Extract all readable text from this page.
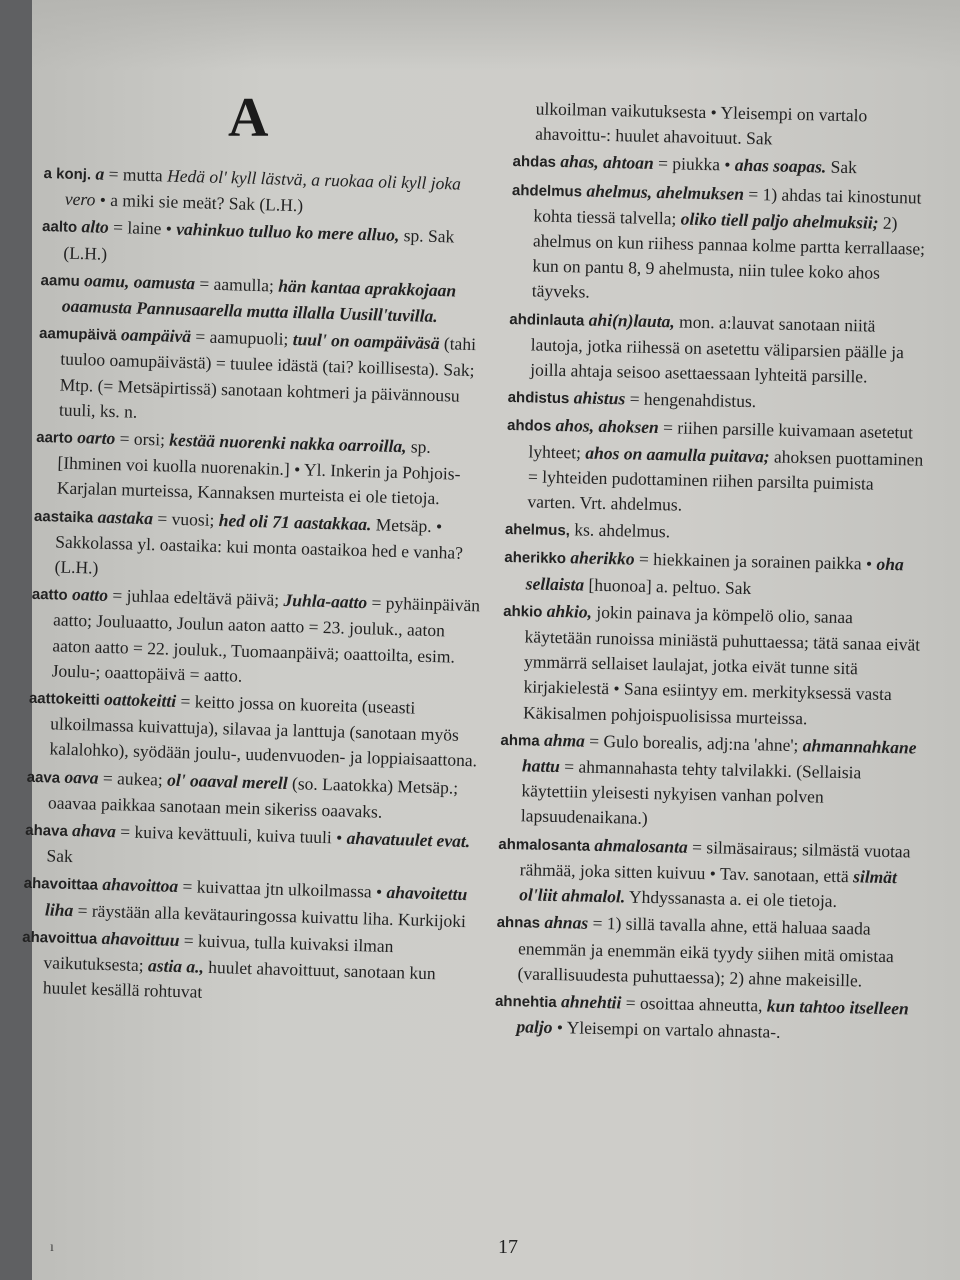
A
a konj. a = mutta Hedä ol' kyll lästvä, a ruokaa oli kyll joka vero • a miki sie meät? Sak (L.H.)
aalto alto = laine • vahinkuo tulluo ko mere alluo, sp. Sak (L.H.)
aamu oamu, oamusta = aamulla; hän kantaa aprakkojaan oaamusta Pannusaarella mutta illalla Uusill'tuvilla.
aamupäivä oampäivä = aamupuoli; tuul' on oampäiväsä (tahi tuuloo oamupäivästä) = tuulee idästä (tai? koillisesta). Sak; Mtp. (= Metsäpirtissä) sanotaan kohtmeri ja päivännousu tuuli, ks. n.
aarto oarto = orsi; kestää nuorenki nakka oarroilla, sp. [Ihminen voi kuolla nuorenakin.] • Yl. Inkerin ja Pohjois-Karjalan murteissa, Kannaksen murteista ei ole tietoja.
aastaika aastaka = vuosi; hed oli 71 aastakkaa. Metsäp. • Sakkolassa yl. oastaika: kui monta oastaikoa hed e vanha? (L.H.)
aatto oatto = juhlaa edeltävä päivä; Juhla-aatto = pyhäinpäivän aatto; Jouluaatto, Joulun aaton aatto = 23. jouluk., aaton aaton aatto = 22. jouluk., Tuomaanpäivä; oaattoilta, esim. Joulu-; oaattopäivä = aatto.
aattokeitti oattokeitti = keitto jossa on kuoreita (useasti ulkoilmassa kuivattuja), silavaa ja lanttuja (sanotaan myös kalalohko), syödään joulu-, uudenvuoden- ja loppiaisaattona.
aava oava = aukea; ol' oaaval merell (so. Laatokka) Metsäp.; oaavaa paikkaa sanotaan mein sikeriss oaavaks.
ahava ahava = kuiva kevättuuli, kuiva tuuli • ahavatuulet evat. Sak
ahavoittaa ahavoittoa = kuivattaa jtn ulkoilmassa • ahavoitettu liha = räystään alla kevätauringossa kuivattu liha. Kurkijoki
ahavoittua ahavoittuu = kuivua, tulla kuivaksi ilman vaikutuksesta; astia a., huulet ahavoittuut, sanotaan kun huulet kesällä rohtuvat
ulkoilman vaikutuksesta • Yleisempi on vartalo ahavoittu-: huulet ahavoituut. Sak
ahdas ahas, ahtoan = piukka • ahas soapas. Sak
ahdelmus ahelmus, ahelmuksen = 1) ahdas tai kinostunut kohta tiessä talvella; oliko tiell paljo ahelmuksii; 2) ahelmus on kun riihess pannaa kolme partta kerrallaase; kun on pantu 8, 9 ahelmusta, niin tulee koko ahos täyveks.
ahdinlauta ahi(n)lauta, mon. a:lauvat sanotaan niitä lautoja, jotka riihessä on asetettu väliparsien päälle ja joilla ahtaja seisoo asettaessaan lyhteitä parsille.
ahdistus ahistus = hengenahdistus.
ahdos ahos, ahoksen = riihen parsille kuivamaan asetetut lyhteet; ahos on aamulla puitava; ahoksen puottaminen = lyhteiden pudottaminen riihen parsilta puimista varten. Vrt. ahdelmus.
ahelmus, ks. ahdelmus.
aherikko aherikko = hiekkainen ja sorainen paikka • oha sellaista [huonoa] a. peltuo. Sak
ahkio ahkio, jokin painava ja kömpelö olio, sanaa käytetään runoissa miniästä puhuttaessa; tätä sanaa eivät ymmärrä sellaiset laulajat, jotka eivät tunne sitä kirjakielestä • Sana esiintyy em. merkityksessä vasta Käkisalmen pohjoispuolisissa murteissa.
ahma ahma = Gulo borealis, adj:na 'ahne'; ahmannahkane hattu = ahmannahasta tehty talvilakki. (Sellaisia käytettiin yleisesti nykyisen vanhan polven lapsuudenaikana.)
ahmalosanta ahmalosanta = silmäsairaus; silmästä vuotaa rähmää, joka sitten kuivuu • Tav. sanotaan, että silmät ol'liit ahmalol. Yhdyssanasta a. ei ole tietoja.
ahnas ahnas = 1) sillä tavalla ahne, että haluaa saada enemmän ja enemmän eikä tyydy siihen mitä omistaa (varallisuudesta puhuttaessa); 2) ahne makeisille.
ahnehtia ahnehtii = osoittaa ahneutta, kun tahtoo itselleen paljo • Yleisempi on vartalo ahnasta-.
ı	17
